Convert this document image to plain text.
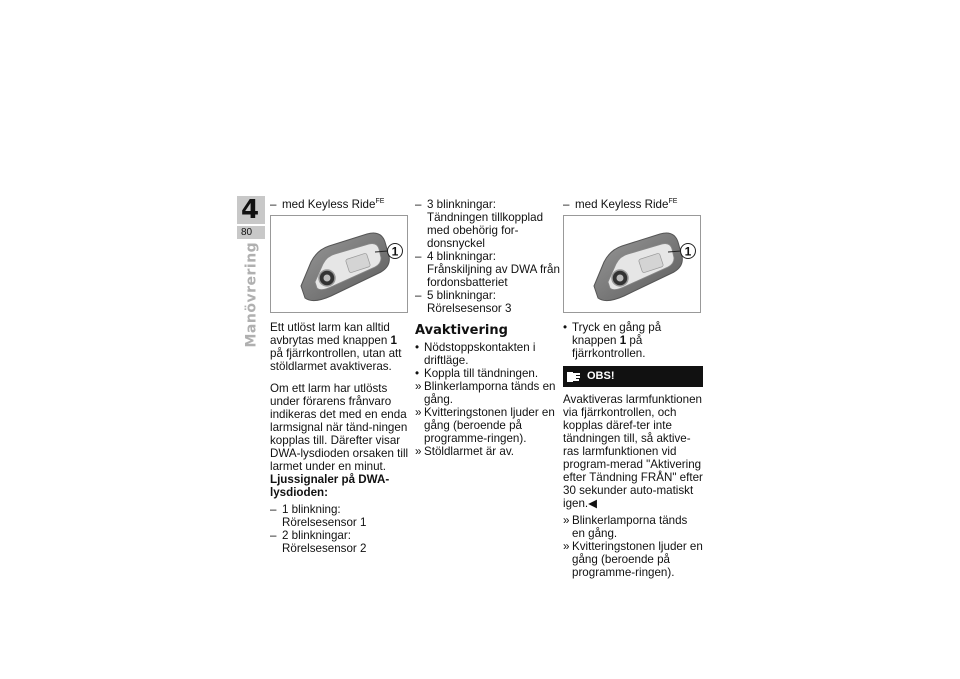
4
80
Manövrering

– med Keyless Ride$^{FE}$

1

Ett utlöst larm kan alltid avbrytas med knappen 1 på fjärrkontrollen, utan att stöldlarmet avaktiveras.

Om ett larm har utlösts under förarens frånvaro indikeras det med en enda larmsignal när tänd-ningen kopplas till. Därefter visar DWA-lysdioden orsaken till larmet under en minut.

Ljussignaler på DWA-lysdioden:

– 1 blinkning: Rörelsesensor 1

– 2 blinkningar: Rörelsesensor 2

– 3 blinkningar: Tändningen tillkopplad med obehörig for-donsnyckel

– 4 blinkningar: Frånskiljning av DWA från fordonsbatteriet

– 5 blinkningar: Rörelsesensor 3

Avaktivering

• Nödstoppskontakten i driftläge.

• Koppla till tändningen.

» Blinkerlamporna tänds en gång.

» Kvitteringstonen ljuder en gång (beroende på programme-ringen).

» Stöldlarmet är av.

– med Keyless Ride$^{FE}$

1

• Tryck en gång på knappen 1 på fjärrkontrollen.

OBS!

Avaktiveras larmfunktionen via fjärrkontrollen, och kopplas däref-ter inte tändningen till, så aktive-ras larmfunktionen vid program-merad "Aktivering efter Tändning FRÅN" efter 30 sekunder auto-matiskt igen.◀

» Blinkerlamporna tänds en gång.

» Kvitteringstonen ljuder en gång (beroende på programme-ringen).
